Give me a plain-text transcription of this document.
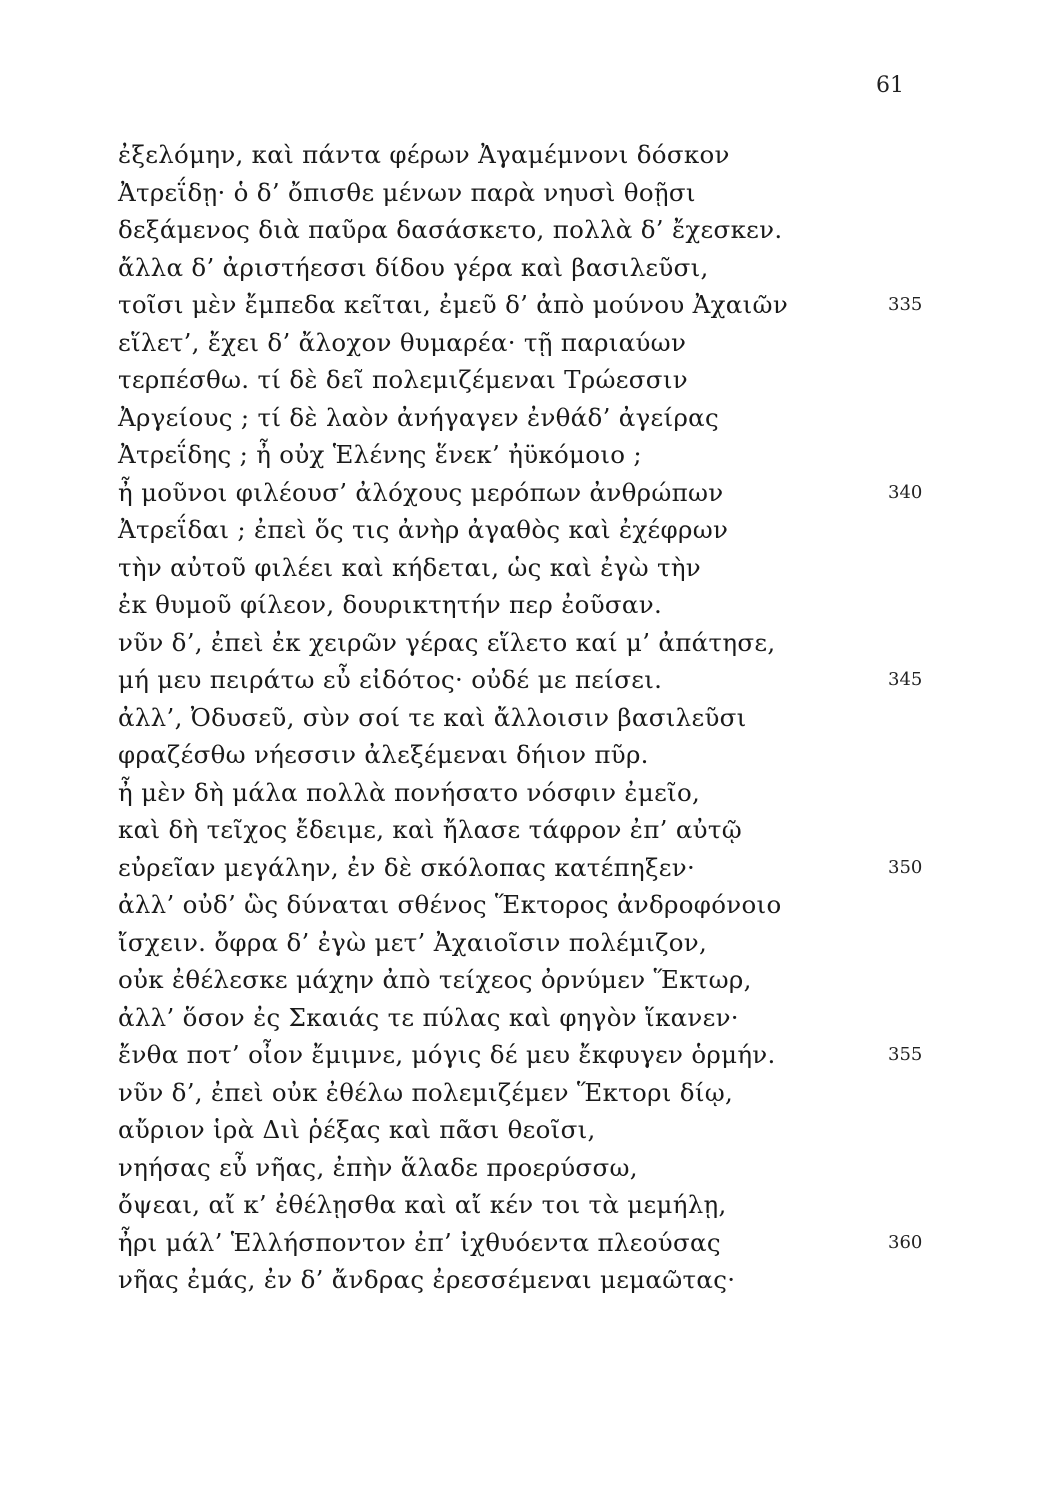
61
ἐξελόμην, καὶ πάντα φέρων Ἀγαμέμνονι δόσκον
Ἀτρεΐδῃ· ὁ δ’ ὄπισθε μένων παρὰ νηυσὶ θοῇσι
δεξάμενος διὰ παῦρα δασάσκετο, πολλὰ δ’ ἔχεσκεν.
ἄλλα δ’ ἀριστήεσσι δίδου γέρα καὶ βασιλεῦσι,
τοῖσι μὲν ἔμπεδα κεῖται, ἐμεῦ δ’ ἀπὸ μούνου Ἀχαιῶν	335
εἵλετ’, ἔχει δ’ ἄλοχον θυμαρέα· τῇ παριαύων
τερπέσθω. τί δὲ δεῖ πολεμιζέμεναι Τρώεσσιν
Ἀργείους ; τί δὲ λαὸν ἀνήγαγεν ἐνθάδ’ ἀγείρας
Ἀτρεΐδης ; ἦ οὐχ Ἑλένης ἕνεκ’ ἠϋκόμοιο ;
ἦ μοῦνοι φιλέουσ’ ἀλόχους μερόπων ἀνθρώπων	340
Ἀτρεΐδαι ; ἐπεὶ ὅς τις ἀνὴρ ἀγαθὸς καὶ ἐχέφρων
τὴν αὐτοῦ φιλέει καὶ κήδεται, ὡς καὶ ἐγὼ τὴν
ἐκ θυμοῦ φίλεον, δουρικτητήν περ ἐοῦσαν.
νῦν δ’, ἐπεὶ ἐκ χειρῶν γέρας εἵλετο καί μ’ ἀπάτησε,
μή μευ πειράτω εὖ εἰδότος· οὐδέ με πείσει.	345
ἀλλ’, Ὀδυσεῦ, σὺν σοί τε καὶ ἄλλοισιν βασιλεῦσι
φραζέσθω νήεσσιν ἀλεξέμεναι δήιον πῦρ.
ἦ μὲν δὴ μάλα πολλὰ πονήσατο νόσφιν ἐμεῖο,
καὶ δὴ τεῖχος ἔδειμε, καὶ ἤλασε τάφρον ἐπ’ αὐτῷ
εὐρεῖαν μεγάλην, ἐν δὲ σκόλοπας κατέπηξεν·	350
ἀλλ’ οὐδ’ ὣς δύναται σθένος Ἕκτορος ἀνδροφόνοιο
ἴσχειν. ὄφρα δ’ ἐγὼ μετ’ Ἀχαιοῖσιν πολέμιζον,
οὐκ ἐθέλεσκε μάχην ἀπὸ τείχεος ὀρνύμεν Ἕκτωρ,
ἀλλ’ ὅσον ἐς Σκαιάς τε πύλας καὶ φηγὸν ἵκανεν·
ἔνθα ποτ’ οἶον ἔμιμνε, μόγις δέ μευ ἔκφυγεν ὁρμήν.	355
νῦν δ’, ἐπεὶ οὐκ ἐθέλω πολεμιζέμεν Ἕκτορι δίῳ,
αὔριον ἱρὰ Διὶ ῥέξας καὶ πᾶσι θεοῖσι,
νηήσας εὖ νῆας, ἐπὴν ἅλαδε προερύσσω,
ὄψεαι, αἴ κ’ ἐθέλῃσθα καὶ αἴ κέν τοι τὰ μεμήλῃ,
ἦρι μάλ’ Ἑλλήσποντον ἐπ’ ἰχθυόεντα πλεούσας	360
νῆας ἐμάς, ἐν δ’ ἄνδρας ἐρεσσέμεναι μεμαῶτας·
